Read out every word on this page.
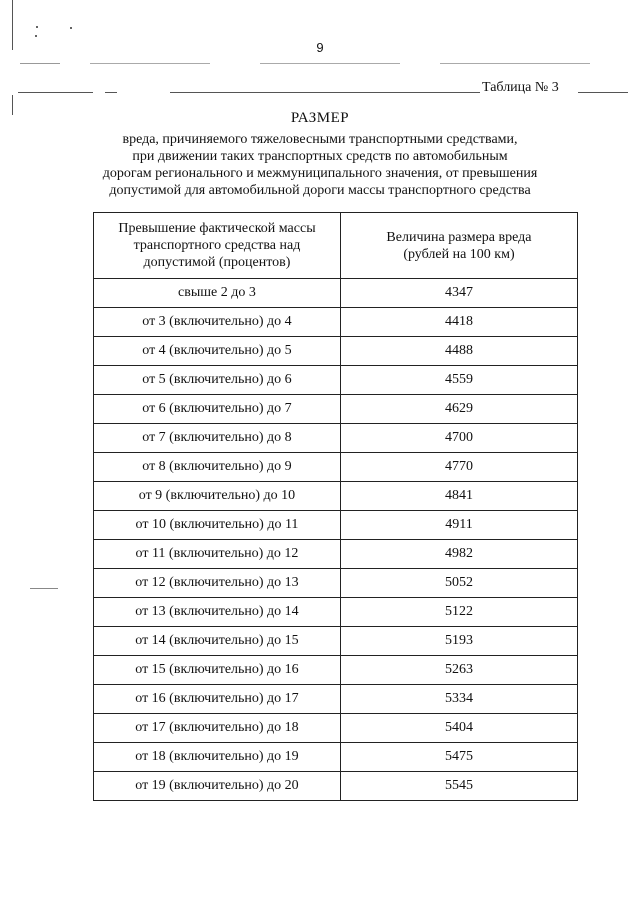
9
Таблица № 3
РАЗМЕР
вреда, причиняемого тяжеловесными транспортными средствами,
при движении таких транспортных средств по автомобильным
дорогам регионального и межмуниципального значения, от превышения
допустимой для автомобильной дороги массы транспортного средства
Превышение фактической массы
транспортного средства над
допустимой (процентов)	Величина размера вреда
(рублей на 100 км)

свыше 2 до 3	4347
от 3 (включительно) до 4	4418
от 4 (включительно) до 5	4488
от 5 (включительно) до 6	4559
от 6 (включительно) до 7	4629
от 7 (включительно) до 8	4700
от 8 (включительно) до 9	4770
от 9 (включительно) до 10	4841
от 10 (включительно) до 11	4911
от 11 (включительно) до 12	4982
от 12 (включительно) до 13	5052
от 13 (включительно) до 14	5122
от 14 (включительно) до 15	5193
от 15 (включительно) до 16	5263
от 16 (включительно) до 17	5334
от 17 (включительно) до 18	5404
от 18 (включительно) до 19	5475
от 19 (включительно) до 20	5545
